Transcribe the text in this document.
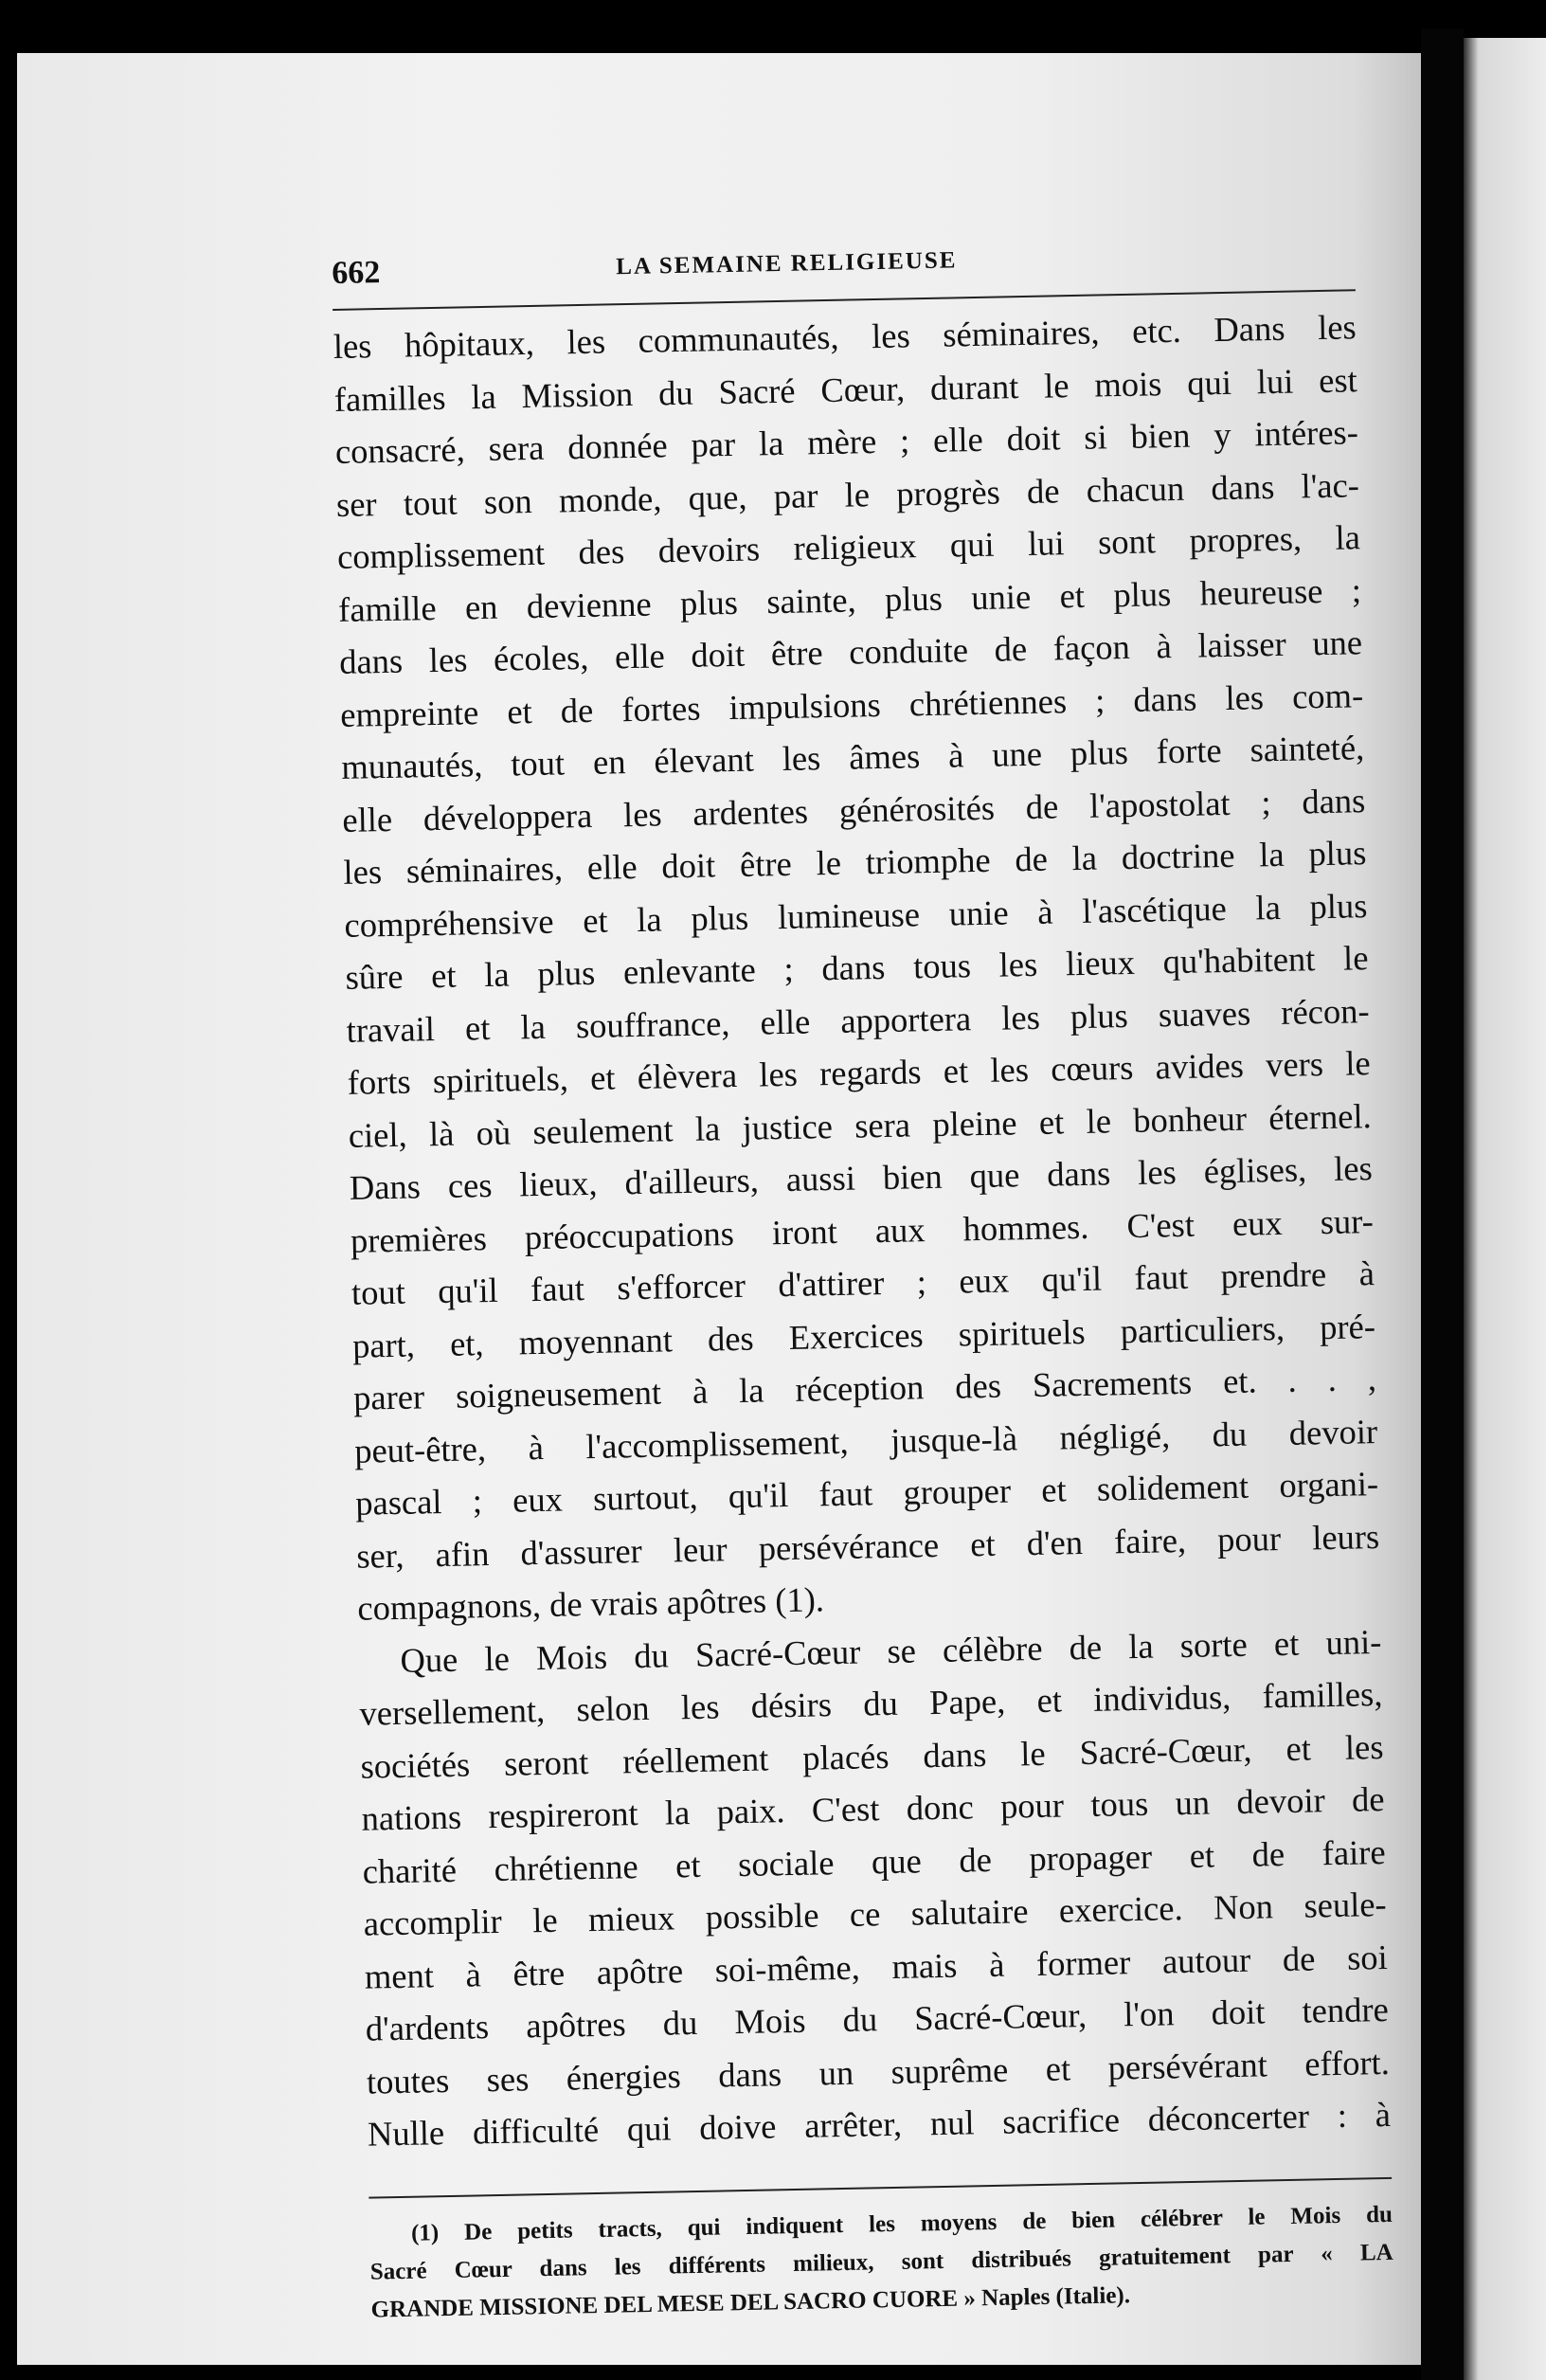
662	LA SEMAINE RELIGIEUSE
les hôpitaux, les communautés, les séminaires, etc. Dans les
familles la Mission du Sacré Cœur, durant le mois qui lui est
consacré, sera donnée par la mère ; elle doit si bien y intéres-
ser tout son monde, que, par le progrès de chacun dans l'ac-
complissement des devoirs religieux qui lui sont propres, la
famille en devienne plus sainte, plus unie et plus heureuse ;
dans les écoles, elle doit être conduite de façon à laisser une
empreinte et de fortes impulsions chrétiennes ; dans les com-
munautés, tout en élevant les âmes à une plus forte sainteté,
elle développera les ardentes générosités de l'apostolat ; dans
les séminaires, elle doit être le triomphe de la doctrine la plus
compréhensive et la plus lumineuse unie à l'ascétique la plus
sûre et la plus enlevante ; dans tous les lieux qu'habitent le
travail et la souffrance, elle apportera les plus suaves récon-
forts spirituels, et élèvera les regards et les cœurs avides vers le
ciel, là où seulement la justice sera pleine et le bonheur éternel.
Dans ces lieux, d'ailleurs, aussi bien que dans les églises, les
premières préoccupations iront aux hommes. C'est eux sur-
tout qu'il faut s'efforcer d'attirer ; eux qu'il faut prendre à
part, et, moyennant des Exercices spirituels particuliers, pré-
parer soigneusement à la réception des Sacrements et. . . ,
peut-être, à l'accomplissement, jusque-là négligé, du devoir
pascal ; eux surtout, qu'il faut grouper et solidement organi-
ser, afin d'assurer leur persévérance et d'en faire, pour leurs
compagnons, de vrais apôtres (1).
Que le Mois du Sacré-Cœur se célèbre de la sorte et uni-
versellement, selon les désirs du Pape, et individus, familles,
sociétés seront réellement placés dans le Sacré-Cœur, et les
nations respireront la paix. C'est donc pour tous un devoir de
charité chrétienne et sociale que de propager et de faire
accomplir le mieux possible ce salutaire exercice. Non seule-
ment à être apôtre soi-même, mais à former autour de soi
d'ardents apôtres du Mois du Sacré-Cœur, l'on doit tendre
toutes ses énergies dans un suprême et persévérant effort.
Nulle difficulté qui doive arrêter, nul sacrifice déconcerter : à
(1) De petits tracts, qui indiquent les moyens de bien célébrer le Mois du
Sacré Cœur dans les différents milieux, sont distribués gratuitement par « LA
GRANDE MISSIONE DEL MESE DEL SACRO CUORE » Naples (Italie).
